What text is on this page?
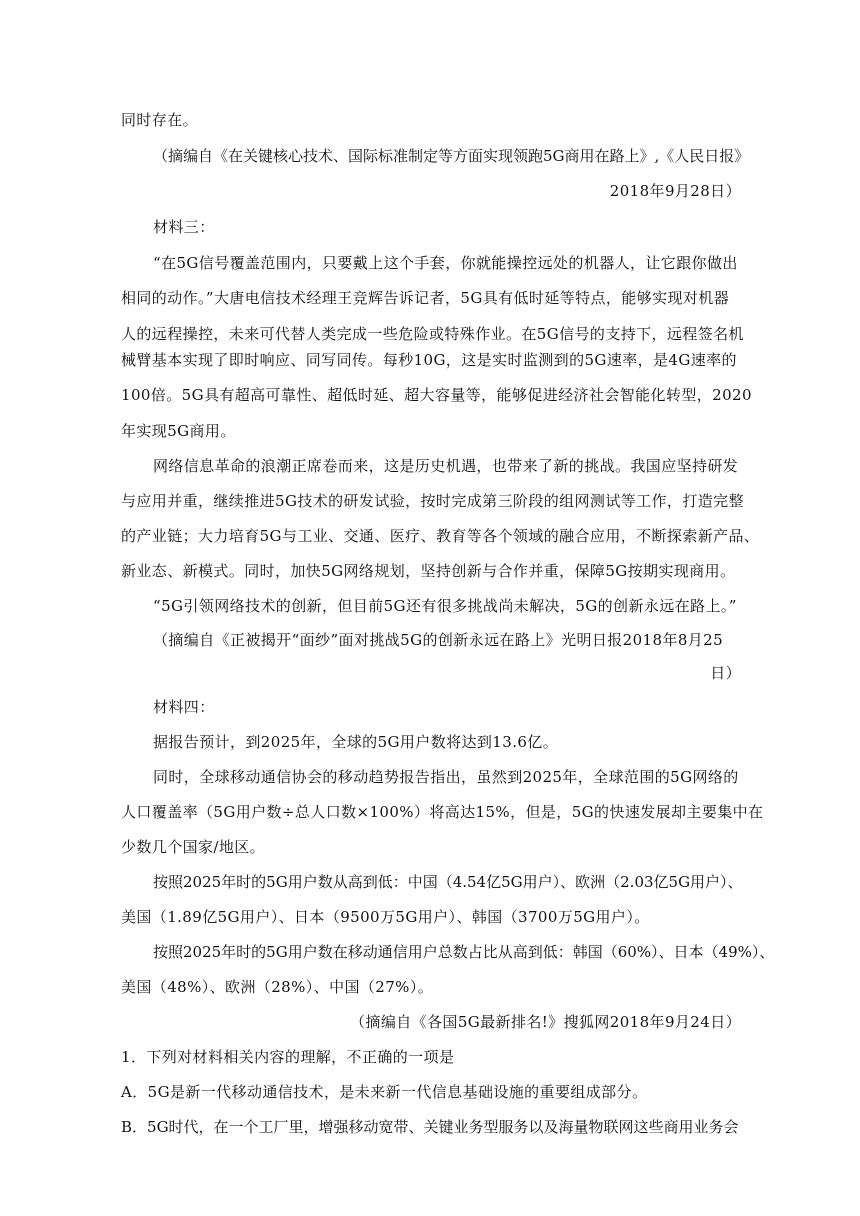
同时存在。
（摘编自《在关键核心技术、国际标准制定等方面实现领跑5G商用在路上》,《人民日报》
2018年9月28日）
材料三：
“在5G信号覆盖范围内，只要戴上这个手套，你就能操控远处的机器人，让它跟你做出
相同的动作。”大唐电信技术经理王竞辉告诉记者，5G具有低时延等特点，能够实现对机器
人的远程操控，未来可代替人类完成一些危险或特殊作业。在5G信号的支持下，远程签名机
械臂基本实现了即时响应、同写同传。每秒10G，这是实时监测到的5G速率，是4G速率的
100倍。5G具有超高可靠性、超低时延、超大容量等，能够促进经济社会智能化转型，2020
年实现5G商用。
网络信息革命的浪潮正席卷而来，这是历史机遇，也带来了新的挑战。我国应坚持研发
与应用并重，继续推进5G技术的研发试验，按时完成第三阶段的组网测试等工作，打造完整
的产业链；大力培育5G与工业、交通、医疗、教育等各个领域的融合应用，不断探索新产品、
新业态、新模式。同时，加快5G网络规划，坚持创新与合作并重，保障5G按期实现商用。
“5G引领网络技术的创新，但目前5G还有很多挑战尚未解决，5G的创新永远在路上。”
（摘编自《正被揭开“面纱”面对挑战5G的创新永远在路上》光明日报2018年8月25
日）
材料四：
据报告预计，到2025年，全球的5G用户数将达到13.6亿。
同时，全球移动通信协会的移动趋势报告指出，虽然到2025年，全球范围的5G网络的
人口覆盖率（5G用户数÷总人口数×100%）将高达15%，但是，5G的快速发展却主要集中在
少数几个国家/地区。
按照2025年时的5G用户数从高到低：中国（4.54亿5G用户）、欧洲（2.03亿5G用户）、
美国（1.89亿5G用户）、日本（9500万5G用户）、韩国（3700万5G用户）。
按照2025年时的5G用户数在移动通信用户总数占比从高到低：韩国（60%）、日本（49%）、
美国（48%）、欧洲（28%）、中国（27%）。
（摘编自《各国5G最新排名!》搜狐网2018年9月24日）
1．下列对材料相关内容的理解，不正确的一项是
A．5G是新一代移动通信技术，是未来新一代信息基础设施的重要组成部分。
B．5G时代，在一个工厂里，增强移动宽带、关键业务型服务以及海量物联网这些商用业务会
